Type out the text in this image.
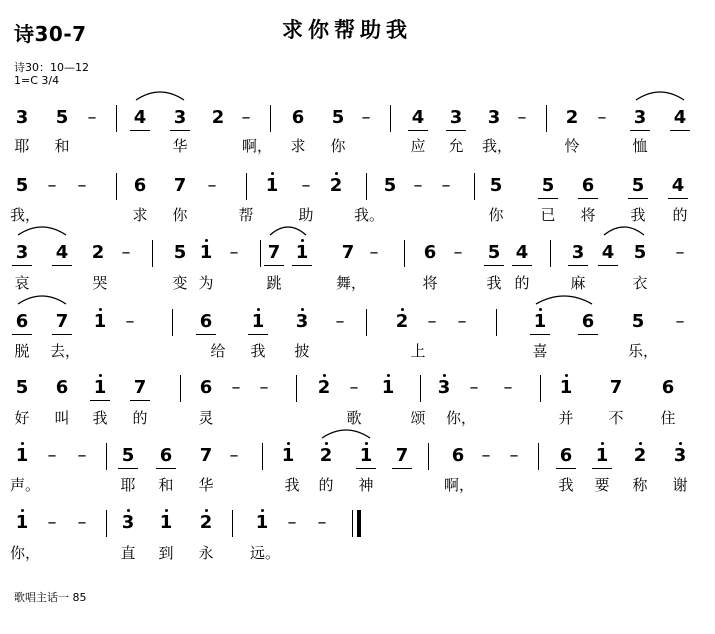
诗30-7	求你帮助我
诗30：10—12
1=C 3/4
3 5	–	4 3 2 –	6 5 –	4 3 3 –	2	–	3 4
耶	和	华	啊， 求	你	应	允	我，	怜	恤
5	–	–	6 7	–	1	–	2 5 –	–	5 5 6 5 4
我，	求	你	帮	助	我。	你	已	将	我	的
3 4 2 –	5 1 –	7 1 7 –	6 –	5 4 3 4 5	–
哀	哭	变 为	跳	舞，	将	我 的	麻	衣
6 7 1	–	6 1 3	–	2	–	–	1 6 5	–
脱	去，	给	我	披	上	喜	乐，
5 6 1 7	6	–	–	2	–	1 3	–	–	1 7 6
好	叫	我	的	灵	歌	颂	你，	并	不	住
1	–	–	5 6 7 –	1 2 1 7 6 –	–	6 1 2 3
声。	耶	和	华	我	的	神	啊，	我	要	称	谢
1	–	–	3 1 2 1	–	–
你，	直	到	永	远。
歌唱主话一 85
